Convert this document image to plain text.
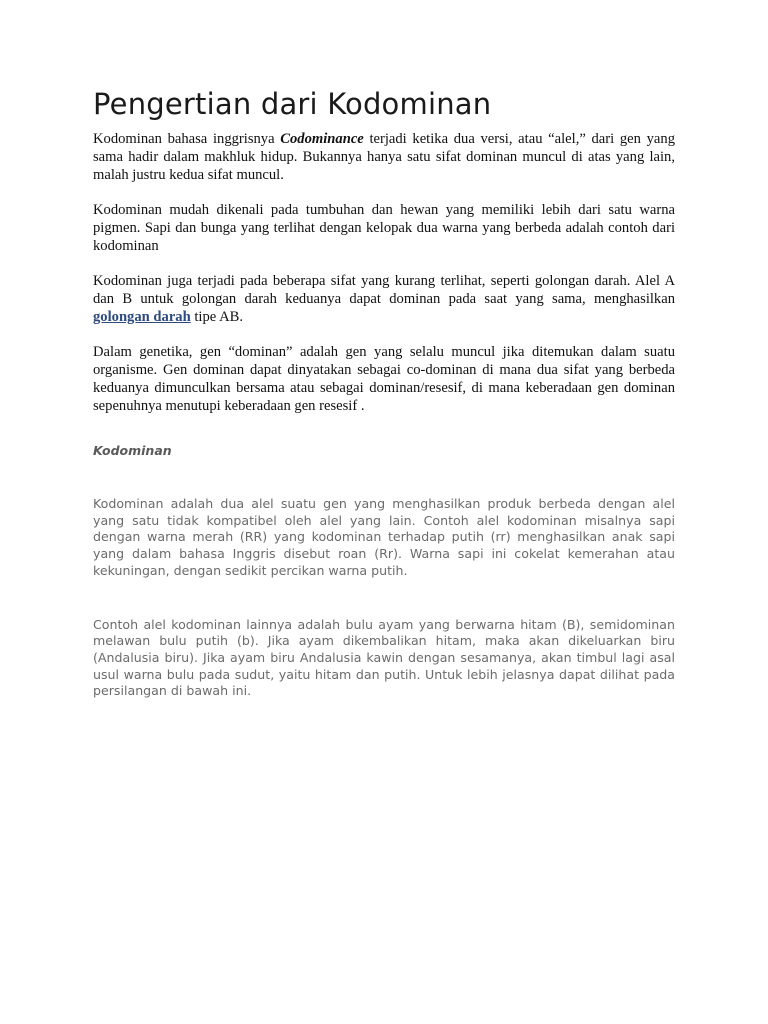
Pengertian dari Kodominan

Kodominan bahasa inggrisnya Codominance terjadi ketika dua versi, atau “alel,” dari gen yang sama hadir dalam makhluk hidup. Bukannya hanya satu sifat dominan muncul di atas yang lain, malah justru kedua sifat muncul.

Kodominan mudah dikenali pada tumbuhan dan hewan yang memiliki lebih dari satu warna pigmen. Sapi dan bunga yang terlihat dengan kelopak dua warna yang berbeda adalah contoh dari kodominan

Kodominan juga terjadi pada beberapa sifat yang kurang terlihat, seperti golongan darah. Alel A dan B untuk golongan darah keduanya dapat dominan pada saat yang sama, menghasilkan golongan darah tipe AB.

Dalam genetika, gen “dominan” adalah gen yang selalu muncul jika ditemukan dalam suatu organisme. Gen dominan dapat dinyatakan sebagai co-dominan di mana dua sifat yang berbeda keduanya dimunculkan bersama atau sebagai dominan/resesif, di mana keberadaan gen dominan sepenuhnya menutupi keberadaan gen resesif .

Kodominan

Kodominan adalah dua alel suatu gen yang menghasilkan produk berbeda dengan alel yang satu tidak kompatibel oleh alel yang lain. Contoh alel kodominan misalnya sapi dengan warna merah (RR) yang kodominan terhadap putih (rr) menghasilkan anak sapi yang dalam bahasa Inggris disebut roan (Rr). Warna sapi ini cokelat kemerahan atau kekuningan, dengan sedikit percikan warna putih.

Contoh alel kodominan lainnya adalah bulu ayam yang berwarna hitam (B), semidominan melawan bulu putih (b). Jika ayam dikembalikan hitam, maka akan dikeluarkan biru (Andalusia biru). Jika ayam biru Andalusia kawin dengan sesamanya, akan timbul lagi asal usul warna bulu pada sudut, yaitu hitam dan putih. Untuk lebih jelasnya dapat dilihat pada persilangan di bawah ini.
